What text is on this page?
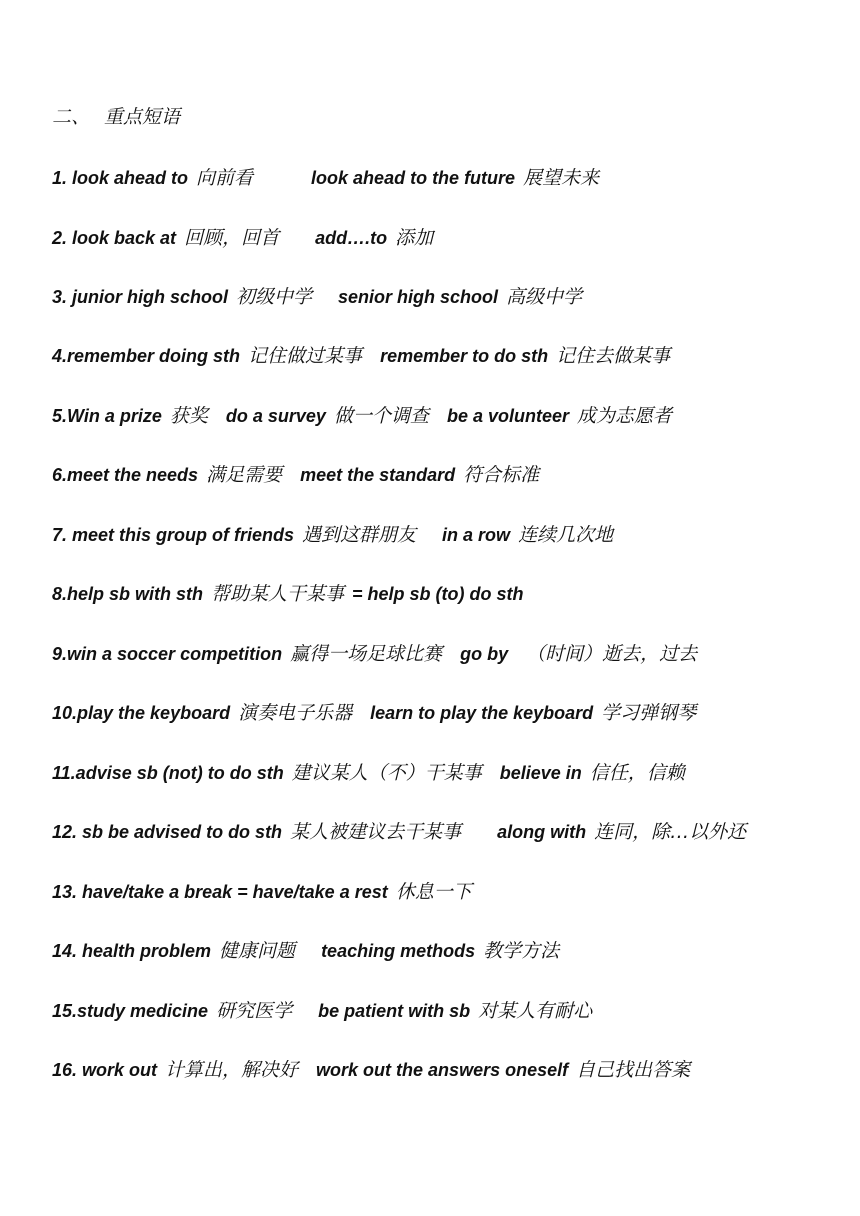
二、 重点短语
1. look ahead to 向前看	look ahead to the future 展望未来
2. look back at 回顾，回首 add….to 添加
3. junior high school 初级中学 senior high school 高级中学
4.remember doing sth 记住做过某事 remember to do sth 记住去做某事
5.Win a prize 获奖 do a survey 做一个调查 be a volunteer 成为志愿者
6.meet the needs 满足需要 meet the standard 符合标准
7. meet this group of friends 遇到这群朋友 in a row 连续几次地
8.help sb with sth 帮助某人干某事 = help sb (to) do sth
9.win a soccer competition 赢得一场足球比赛 go by （时间）逝去，过去
10.play the keyboard 演奏电子乐器 learn to play the keyboard 学习弹钢琴
11.advise sb (not) to do sth 建议某人（不）干某事 believe in 信任，信赖
12. sb be advised to do sth 某人被建议去干某事 along with 连同，除…以外还
13. have/take a break = have/take a rest 休息一下
14. health problem 健康问题 teaching methods 教学方法
15.study medicine 研究医学 be patient with sb 对某人有耐心
16. work out 计算出，解决好 work out the answers oneself 自己找出答案
